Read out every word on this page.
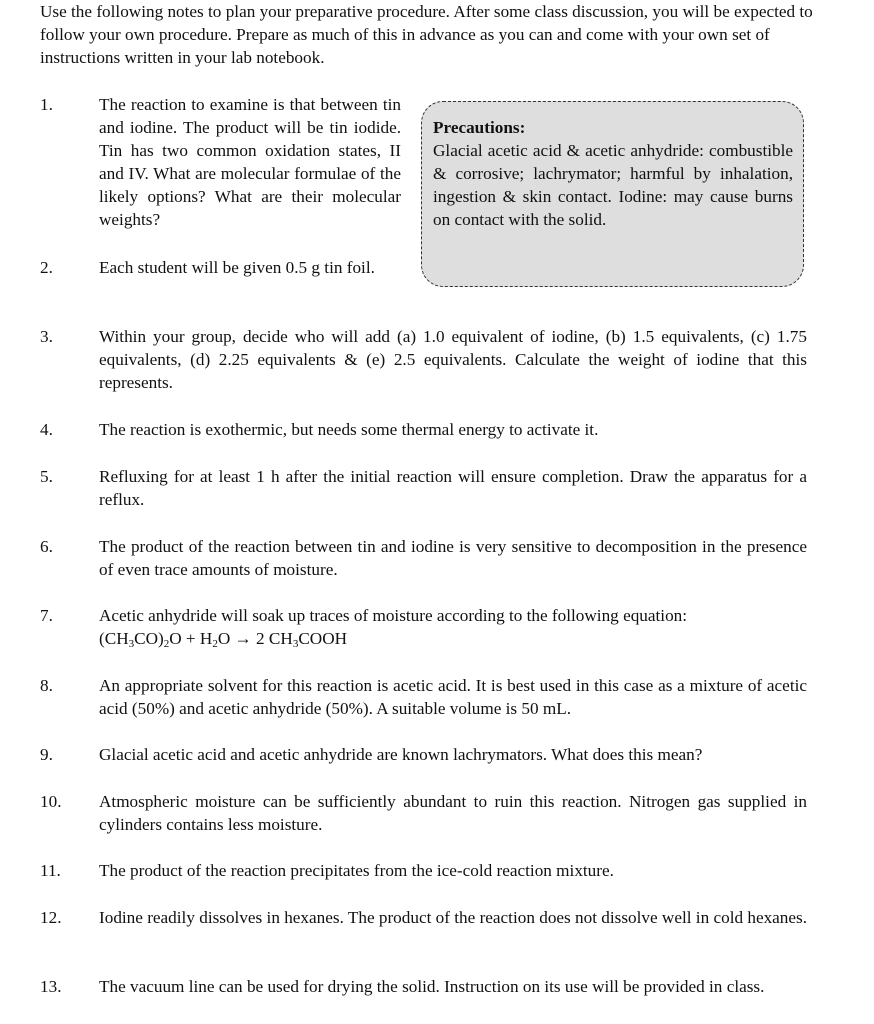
Use the following notes to plan your preparative procedure. After some class discussion, you will be expected to follow your own procedure. Prepare as much of this in advance as you can and come with your own set of instructions written in your lab notebook.
1.	The reaction to examine is that between tin and iodine. The product will be tin iodide. Tin has two common oxidation states, II and IV. What are molecular formulae of the likely options? What are their molecular weights?
Precautions:
Glacial acetic acid & acetic anhydride: combustible & corrosive; lachrymator; harmful by inhalation, ingestion & skin contact. Iodine: may cause burns on contact with the solid.
2.	Each student will be given 0.5 g tin foil.
3.	Within your group, decide who will add (a) 1.0 equivalent of iodine, (b) 1.5 equivalents, (c) 1.75 equivalents, (d) 2.25 equivalents & (e) 2.5 equivalents. Calculate the weight of iodine that this represents.
4.	The reaction is exothermic, but needs some thermal energy to activate it.
5.	Refluxing for at least 1 h after the initial reaction will ensure completion. Draw the apparatus for a reflux.
6.	The product of the reaction between tin and iodine is very sensitive to decomposition in the presence of even trace amounts of moisture.
7.	Acetic anhydride will soak up traces of moisture according to the following equation:
$(CH_3CO)_2O + H_2O \to 2$ $CH_3COOH$
8.	An appropriate solvent for this reaction is acetic acid. It is best used in this case as a mixture of acetic acid (50%) and acetic anhydride (50%). A suitable volume is 50 mL.
9.	Glacial acetic acid and acetic anhydride are known lachrymators. What does this mean?
10. Atmospheric moisture can be sufficiently abundant to ruin this reaction. Nitrogen gas supplied in cylinders contains less moisture.
11. The product of the reaction precipitates from the ice-cold reaction mixture.
12. Iodine readily dissolves in hexanes. The product of the reaction does not dissolve well in cold hexanes.
13. The vacuum line can be used for drying the solid. Instruction on its use will be provided in class.
